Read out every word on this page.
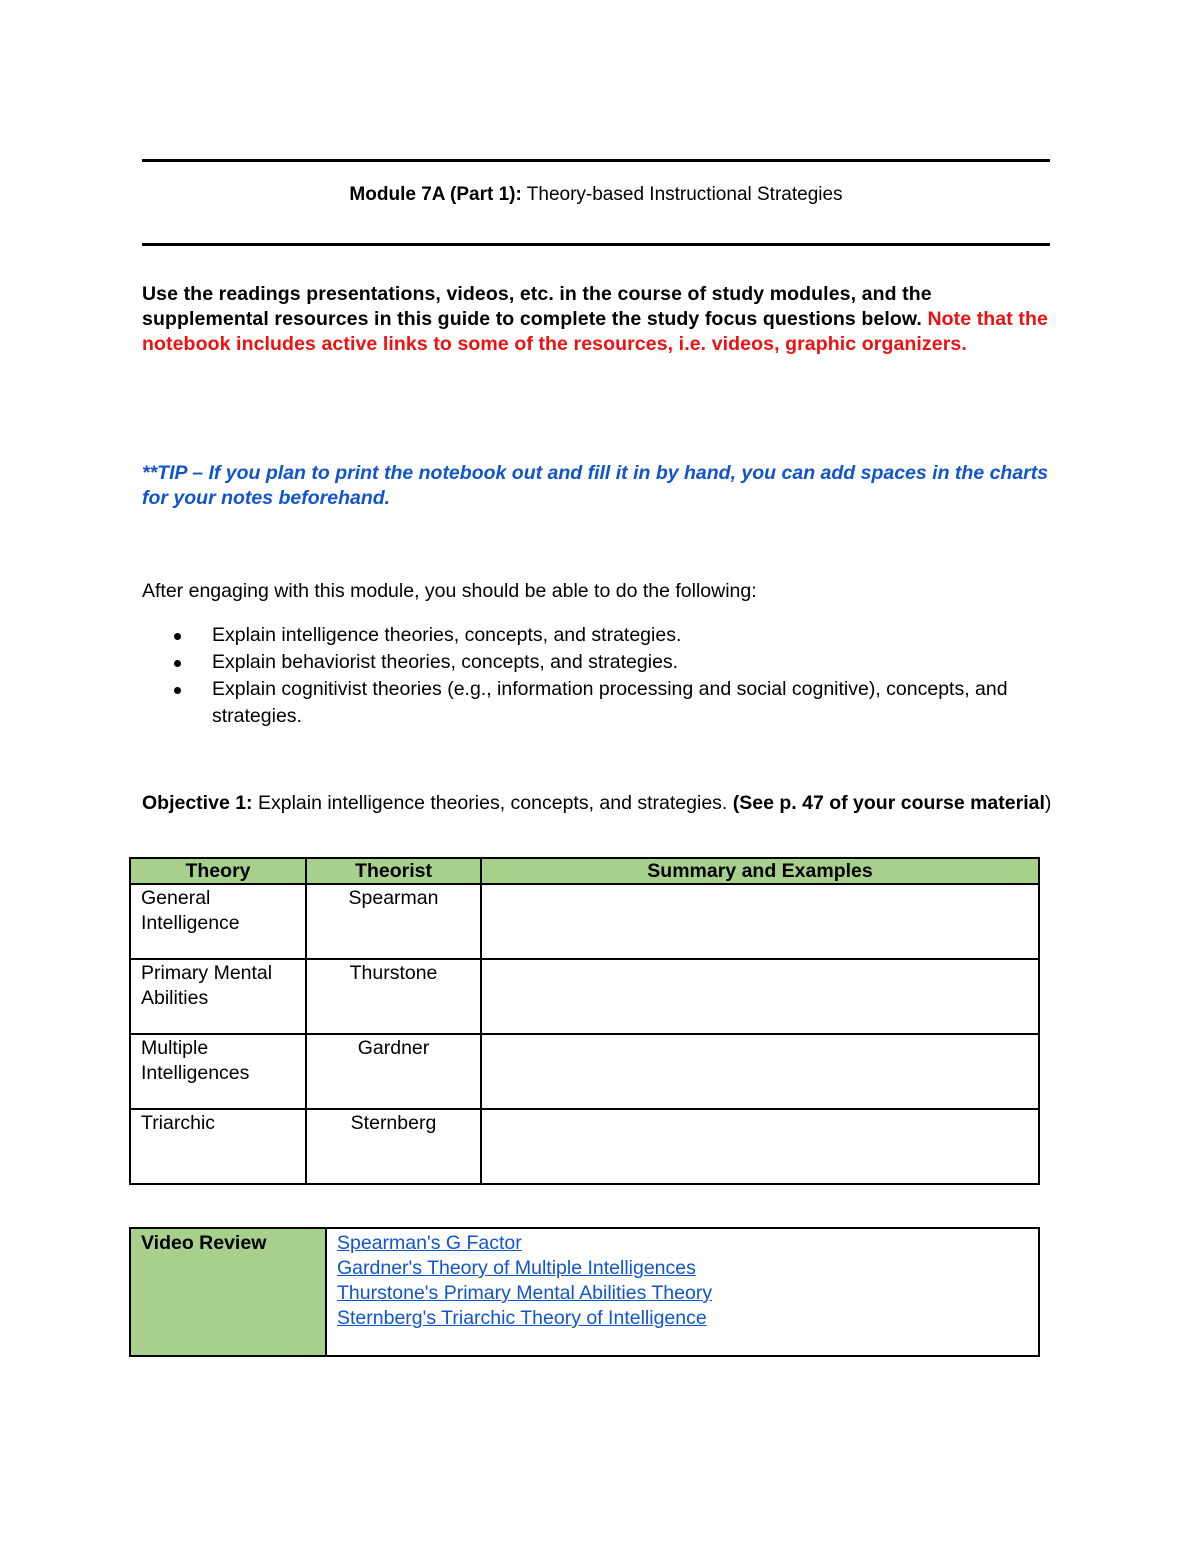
Module 7A (Part 1): Theory-based Instructional Strategies
Use the readings presentations, videos, etc. in the course of study modules, and the supplemental resources in this guide to complete the study focus questions below. Note that the notebook includes active links to some of the resources, i.e. videos, graphic organizers.
**TIP – If you plan to print the notebook out and fill it in by hand, you can add spaces in the charts for your notes beforehand.
After engaging with this module, you should be able to do the following:
Explain intelligence theories, concepts, and strategies.
Explain behaviorist theories, concepts, and strategies.
Explain cognitivist theories (e.g., information processing and social cognitive), concepts, and strategies.
Objective 1: Explain intelligence theories, concepts, and strategies. (See p. 47 of your course material)
Theory	Theorist	Summary and Examples
General Intelligence	Spearman	
Primary Mental Abilities	Thurstone	
Multiple Intelligences	Gardner	
Triarchic	Sternberg	
Video Review	Spearman's G Factor
Gardner's Theory of Multiple Intelligences
Thurstone's Primary Mental Abilities Theory
Sternberg's Triarchic Theory of Intelligence
